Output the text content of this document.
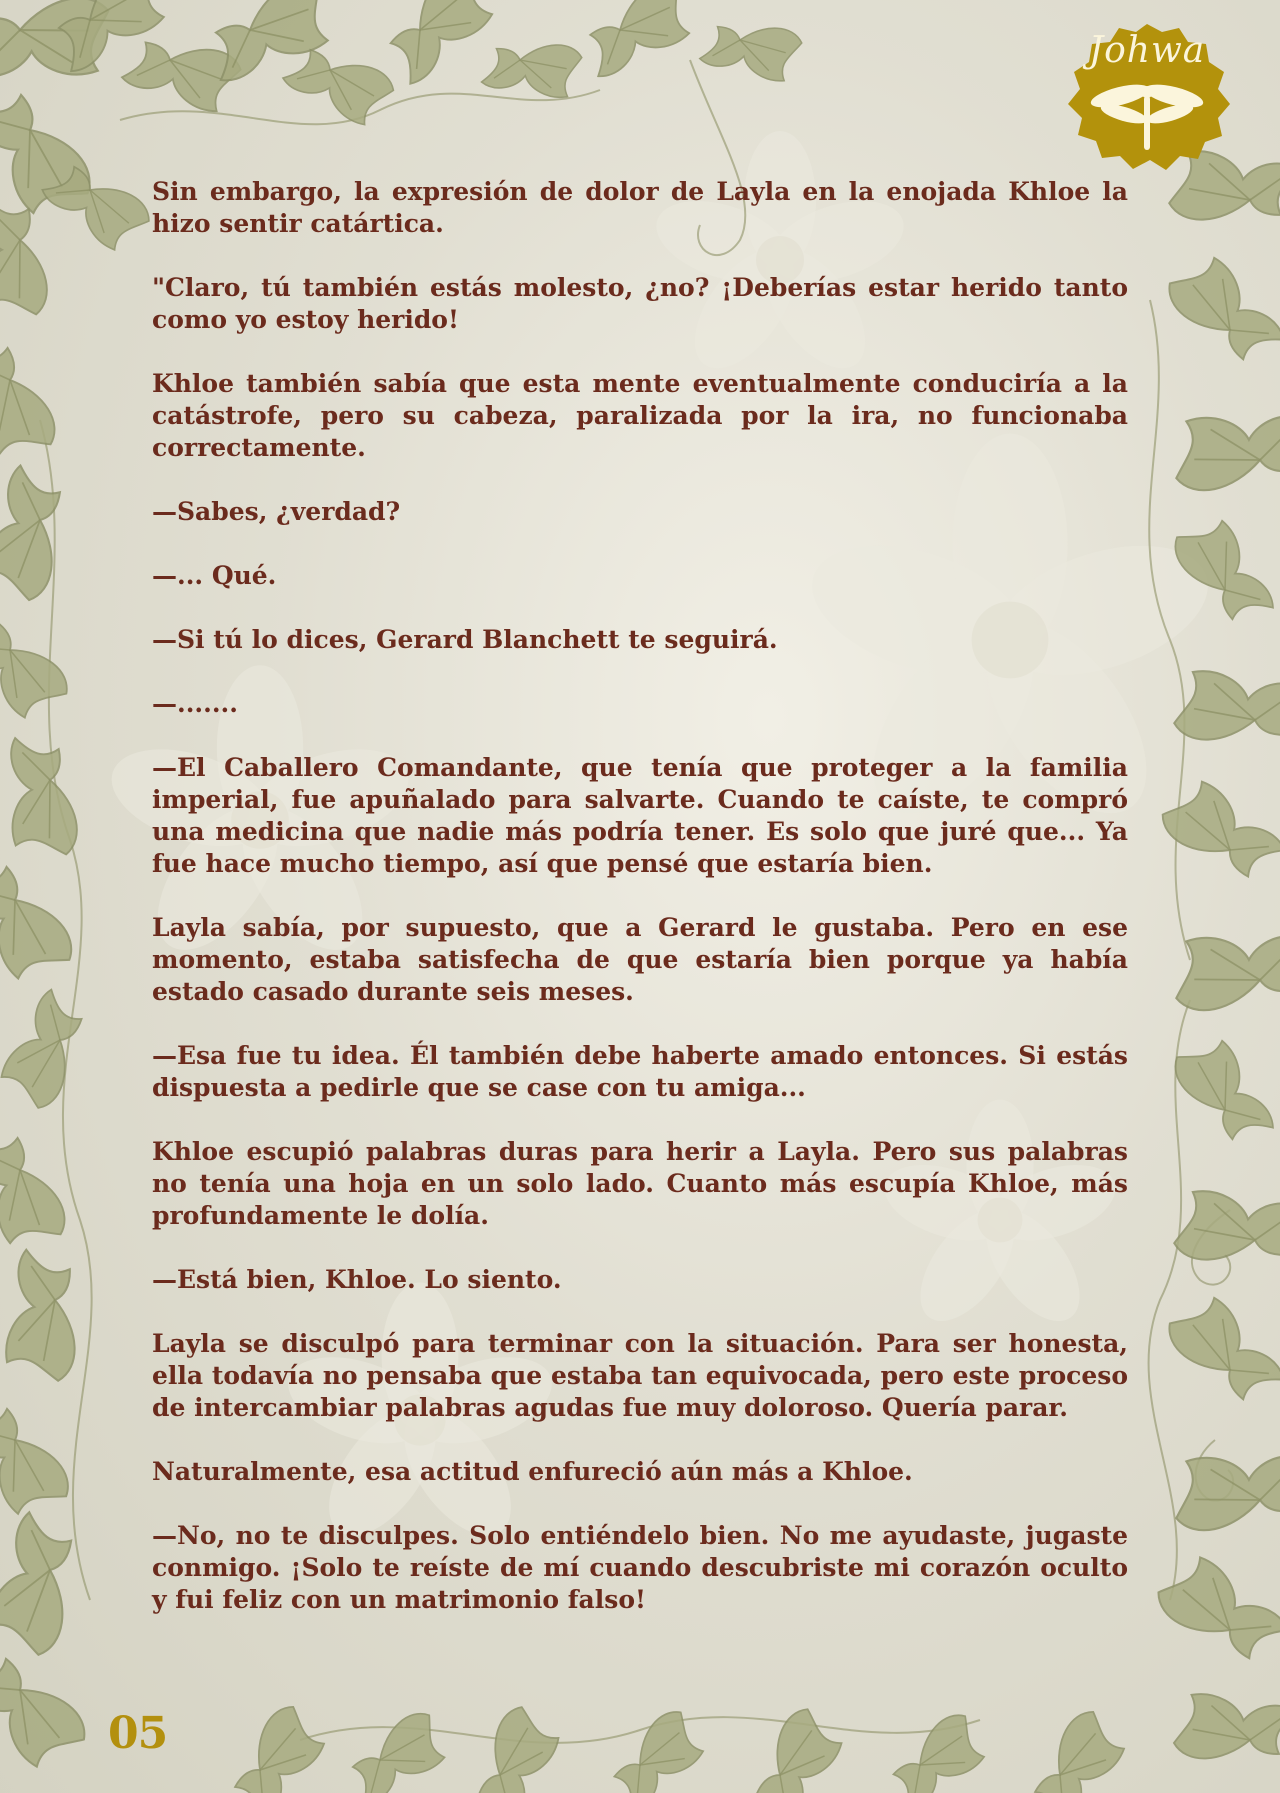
Johwa

Sin embargo, la expresión de dolor de Layla en la enojada Khloe la hizo sentir catártica.

"Claro, tú también estás molesto, ¿no? ¡Deberías estar herido tanto como yo estoy herido!

Khloe también sabía que esta mente eventualmente conduciría a la catástrofe, pero su cabeza, paralizada por la ira, no funcionaba correctamente.

—Sabes, ¿verdad?

—... Qué.

—Si tú lo dices, Gerard Blanchett te seguirá.

—.......

—El Caballero Comandante, que tenía que proteger a la familia imperial, fue apuñalado para salvarte. Cuando te caíste, te compró una medicina que nadie más podría tener. Es solo que juré que... Ya fue hace mucho tiempo, así que pensé que estaría bien.

Layla sabía, por supuesto, que a Gerard le gustaba. Pero en ese momento, estaba satisfecha de que estaría bien porque ya había estado casado durante seis meses.

—Esa fue tu idea. Él también debe haberte amado entonces. Si estás dispuesta a pedirle que se case con tu amiga...

Khloe escupió palabras duras para herir a Layla. Pero sus palabras no tenía una hoja en un solo lado. Cuanto más escupía Khloe, más profundamente le dolía.

—Está bien, Khloe. Lo siento.

Layla se disculpó para terminar con la situación. Para ser honesta, ella todavía no pensaba que estaba tan equivocada, pero este proceso de intercambiar palabras agudas fue muy doloroso. Quería parar.

Naturalmente, esa actitud enfureció aún más a Khloe.

—No, no te disculpes. Solo entiéndelo bien. No me ayudaste, jugaste conmigo. ¡Solo te reíste de mí cuando descubriste mi corazón oculto y fui feliz con un matrimonio falso!

05
